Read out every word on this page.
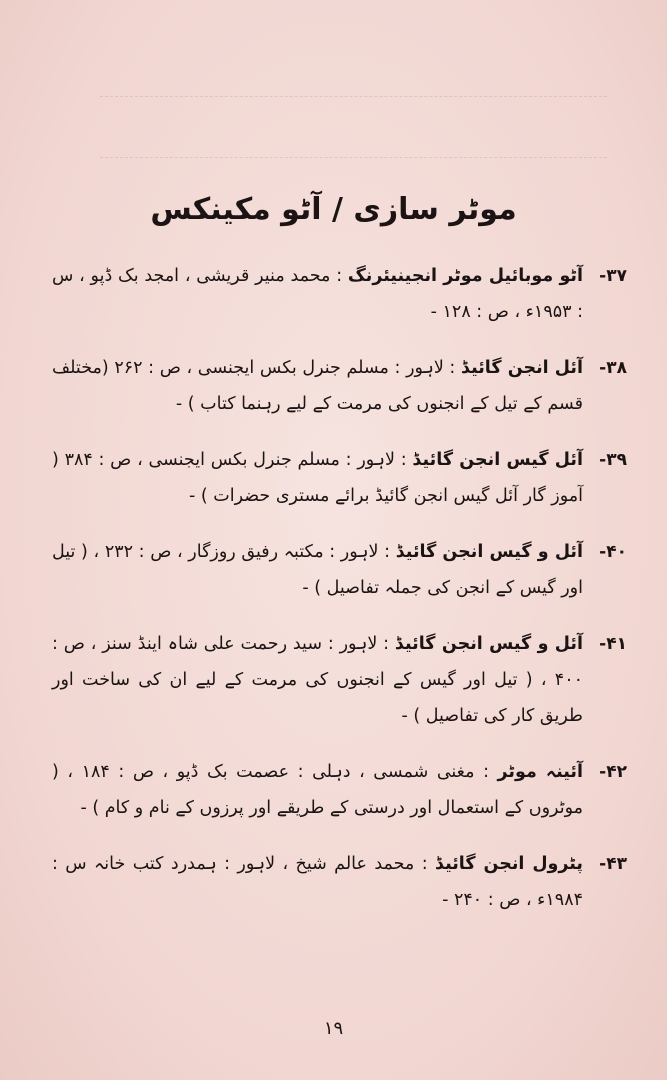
موٹر سازی / آٹو مکینکس
۳۷-
آٹو موبائیل موٹر انجینیئرنگ : محمد منیر قریشی ، امجد بک ڈپو ، س : ۱۹۵۳ء ، ص : ۱۲۸ -
۳۸-
آئل انجن گائیڈ : لاہور : مسلم جنرل بکس ایجنسی ، ص : ۲۶۲ (مختلف قسم کے تیل کے انجنوں کی مرمت کے لیے رہنما کتاب ) -
۳۹-
آئل گیس انجن گائیڈ : لاہور : مسلم جنرل بکس ایجنسی ، ص : ۳۸۴ ( آموز گار آئل گیس انجن گائیڈ برائے مستری حضرات ) -
۴۰-
آئل و گیس انجن گائیڈ : لاہور : مکتبہ رفیق روزگار ، ص : ۲۳۲ ، ( تیل اور گیس کے انجن کی جملہ تفاصیل ) -
۴۱-
آئل و گیس انجن گائیڈ : لاہور : سید رحمت علی شاہ اینڈ سنز ، ص : ۴۰۰ ، ( تیل اور گیس کے انجنوں کی مرمت کے لیے ان کی ساخت اور طریق کار کی تفاصیل ) -
۴۲-
آئینہ موٹر : مغنی شمسی ، دہلی : عصمت بک ڈپو ، ص : ۱۸۴ ، ( موٹروں کے استعمال اور درستی کے طریقے اور پرزوں کے نام و کام ) -
۴۳-
پٹرول انجن گائیڈ : محمد عالم شیخ ، لاہور : ہمدرد کتب خانہ س : ۱۹۸۴ء ، ص : ۲۴۰ -
۱۹
